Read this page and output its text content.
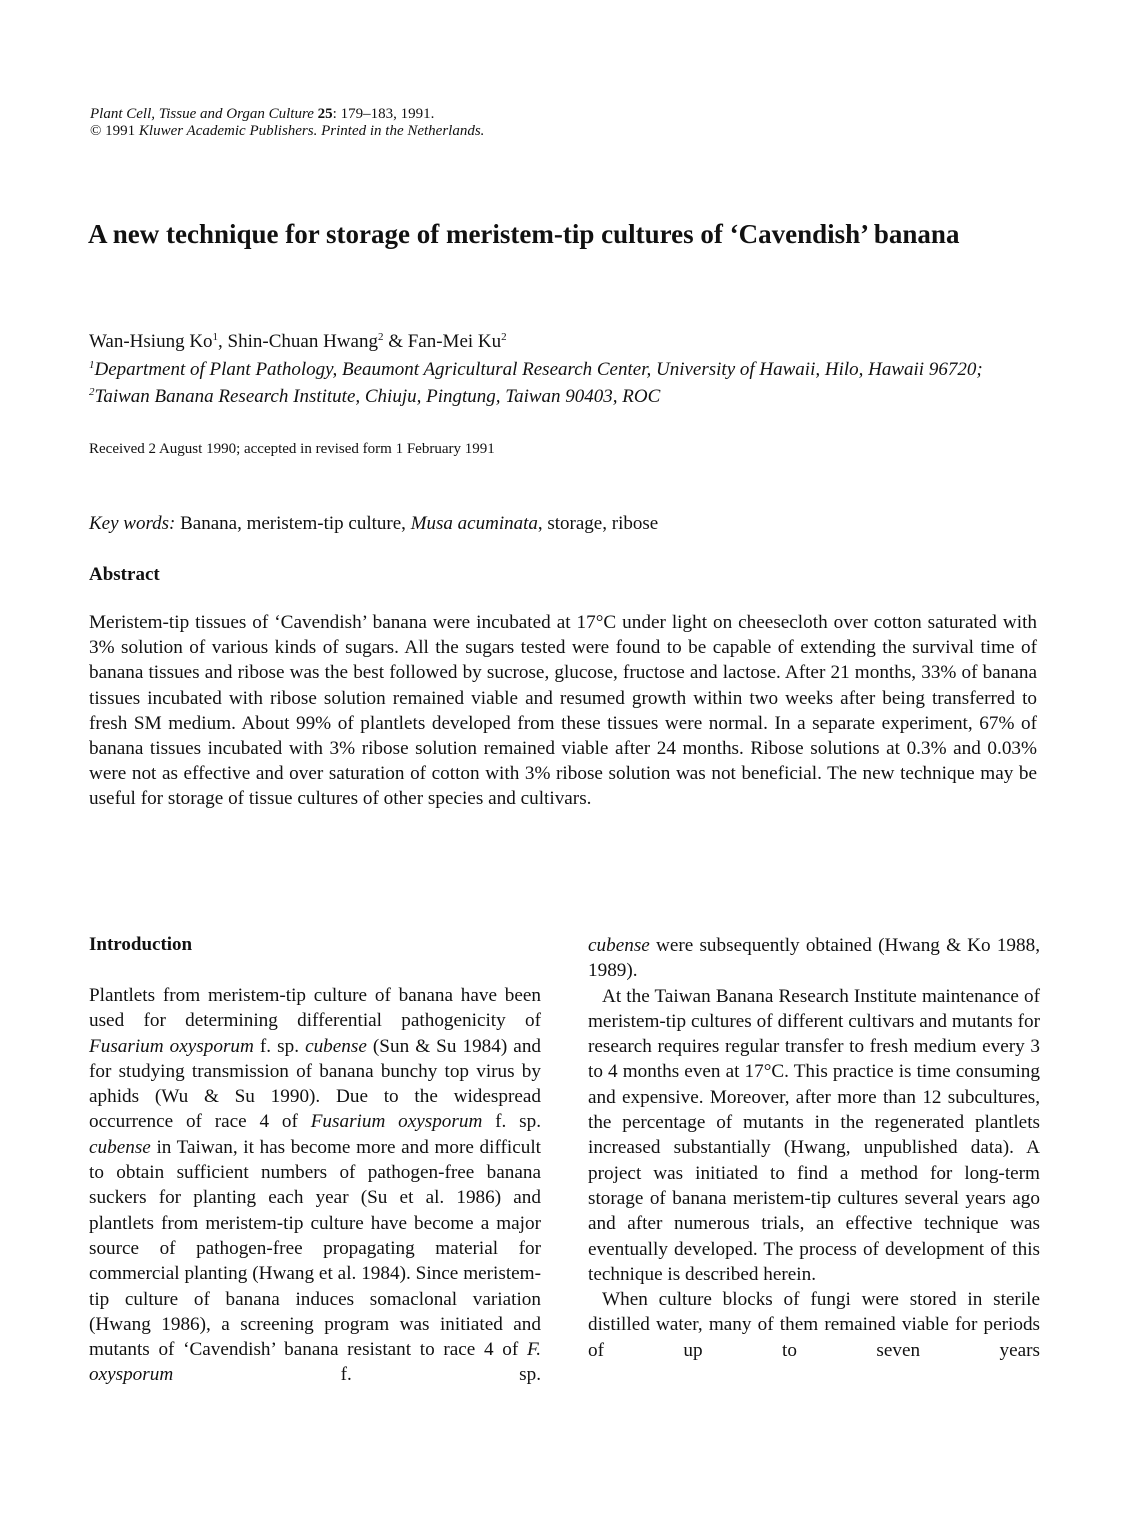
Plant Cell, Tissue and Organ Culture 25: 179–183, 1991.
© 1991 Kluwer Academic Publishers. Printed in the Netherlands.
A new technique for storage of meristem-tip cultures of ‘Cavendish’ banana
Wan-Hsiung Ko$^1$, Shin-Chuan Hwang$^2$ & Fan-Mei Ku$^2$
$^1$Department of Plant Pathology, Beaumont Agricultural Research Center, University of Hawaii, Hilo, Hawaii 96720; $^2$Taiwan Banana Research Institute, Chiuju, Pingtung, Taiwan 90403, ROC
Received 2 August 1990; accepted in revised form 1 February 1991
Key words: Banana, meristem-tip culture, Musa acuminata, storage, ribose
Abstract
Meristem-tip tissues of ‘Cavendish’ banana were incubated at 17°C under light on cheesecloth over cotton saturated with 3% solution of various kinds of sugars. All the sugars tested were found to be capable of extending the survival time of banana tissues and ribose was the best followed by sucrose, glucose, fructose and lactose. After 21 months, 33% of banana tissues incubated with ribose solution remained viable and resumed growth within two weeks after being transferred to fresh SM medium. About 99% of plantlets developed from these tissues were normal. In a separate experiment, 67% of banana tissues incubated with 3% ribose solution remained viable after 24 months. Ribose solutions at 0.3% and 0.03% were not as effective and over saturation of cotton with 3% ribose solution was not beneficial. The new technique may be useful for storage of tissue cultures of other species and cultivars.
Introduction

Plantlets from meristem-tip culture of banana have been used for determining differential pathogenicity of Fusarium oxysporum f. sp. cubense (Sun & Su 1984) and for studying transmission of banana bunchy top virus by aphids (Wu & Su 1990). Due to the widespread occurrence of race 4 of Fusarium oxysporum f. sp. cubense in Taiwan, it has become more and more difficult to obtain sufficient numbers of pathogen-free banana suckers for planting each year (Su et al. 1986) and plantlets from meristem-tip culture have become a major source of pathogen-free propagating material for commercial planting (Hwang et al. 1984). Since meristem-tip culture of banana induces somaclonal variation (Hwang 1986), a screening program was initiated and mutants of ‘Cavendish’ banana resistant to race 4 of F. oxysporum f. sp.

cubense were subsequently obtained (Hwang & Ko 1988, 1989).

At the Taiwan Banana Research Institute maintenance of meristem-tip cultures of different cultivars and mutants for research requires regular transfer to fresh medium every 3 to 4 months even at 17°C. This practice is time consuming and expensive. Moreover, after more than 12 subcultures, the percentage of mutants in the regenerated plantlets increased substantially (Hwang, unpublished data). A project was initiated to find a method for long-term storage of banana meristem-tip cultures several years ago and after numerous trials, an effective technique was eventually developed. The process of development of this technique is described herein.

When culture blocks of fungi were stored in sterile distilled water, many of them remained viable for periods of up to seven years
